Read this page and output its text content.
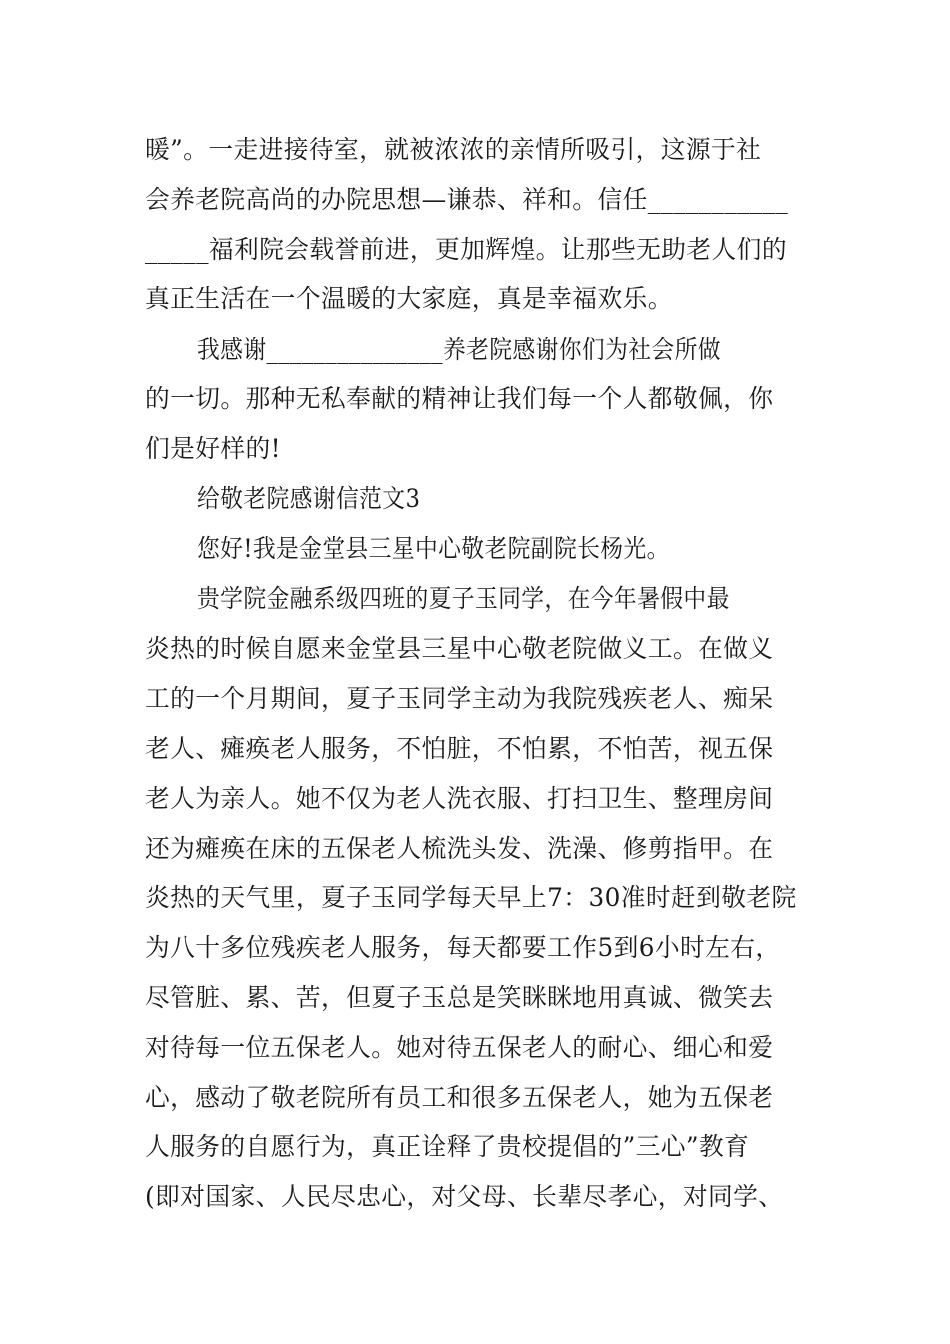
暖”。一走进接待室，就被浓浓的亲情所吸引，这源于社
会养老院高尚的办院思想—谦恭、祥和。信任___________
_____福利院会载誉前进，更加辉煌。让那些无助老人们的
真正生活在一个温暖的大家庭，真是幸福欢乐。
我感谢_______________养老院感谢你们为社会所做
的一切。那种无私奉献的精神让我们每一个人都敬佩，你
们是好样的!
给敬老院感谢信范文3
您好!我是金堂县三星中心敬老院副院长杨光。
贵学院金融系级四班的夏子玉同学，在今年暑假中最
炎热的时候自愿来金堂县三星中心敬老院做义工。在做义
工的一个月期间，夏子玉同学主动为我院残疾老人、痴呆
老人、瘫痪老人服务，不怕脏，不怕累，不怕苦，视五保
老人为亲人。她不仅为老人洗衣服、打扫卫生、整理房间
还为瘫痪在床的五保老人梳洗头发、洗澡、修剪指甲。在
炎热的天气里，夏子玉同学每天早上7：30准时赶到敬老院
为八十多位残疾老人服务，每天都要工作5到6小时左右，
尽管脏、累、苦，但夏子玉总是笑眯眯地用真诚、微笑去
对待每一位五保老人。她对待五保老人的耐心、细心和爱
心，感动了敬老院所有员工和很多五保老人，她为五保老
人服务的自愿行为，真正诠释了贵校提倡的”三心”教育
(即对国家、人民尽忠心，对父母、长辈尽孝心，对同学、
